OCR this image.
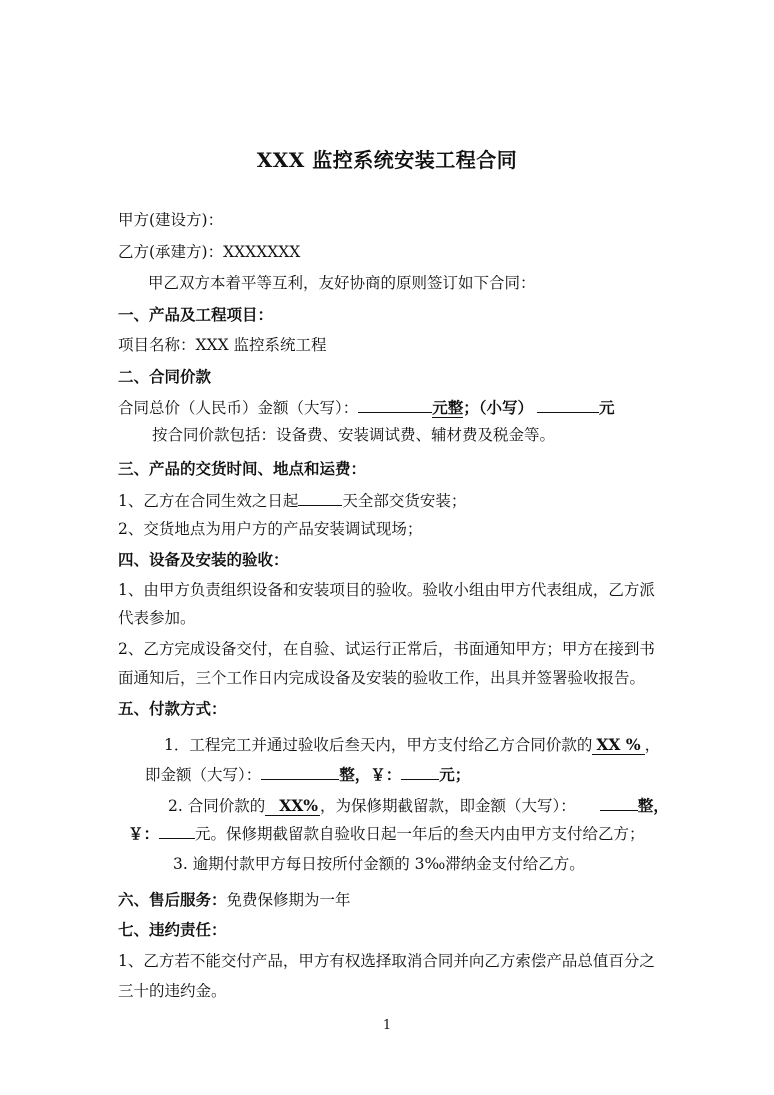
XXX 监控系统安装工程合同
甲方(建设方)：
乙方(承建方)：XXXXXXX
甲乙双方本着平等互利，友好协商的原则签订如下合同：
一、产品及工程项目：
项目名称：XXX 监控系统工程
二、合同价款
合同总价（人民币）金额（大写）：	元整；（小写）	元
按合同价款包括：设备费、安装调试费、辅材费及税金等。
三、产品的交货时间、地点和运费：
1、乙方在合同生效之日起	天全部交货安装；
2、交货地点为用户方的产品安装调试现场；
四、设备及安装的验收：
1、由甲方负责组织设备和安装项目的验收。验收小组由甲方代表组成，乙方派
代表参加。
2、乙方完成设备交付，在自验、试运行正常后，书面通知甲方；甲方在接到书
面通知后，三个工作日内完成设备及安装的验收工作，出具并签署验收报告。
五、付款方式：
1．工程完工并通过验收后叁天内，甲方支付给乙方合同价款的 XX % ，
即金额（大写）：	整，￥： 元；
2. 合同价款的 XX% ，为保修期截留款，即金额（大写）：	整，
￥： 元。保修期截留款自验收日起一年后的叁天内由甲方支付给乙方；
3. 逾期付款甲方每日按所付金额的 3‰滞纳金支付给乙方。
六、售后服务：免费保修期为一年
七、违约责任：
1、乙方若不能交付产品，甲方有权选择取消合同并向乙方索偿产品总值百分之
三十的违约金。
1
